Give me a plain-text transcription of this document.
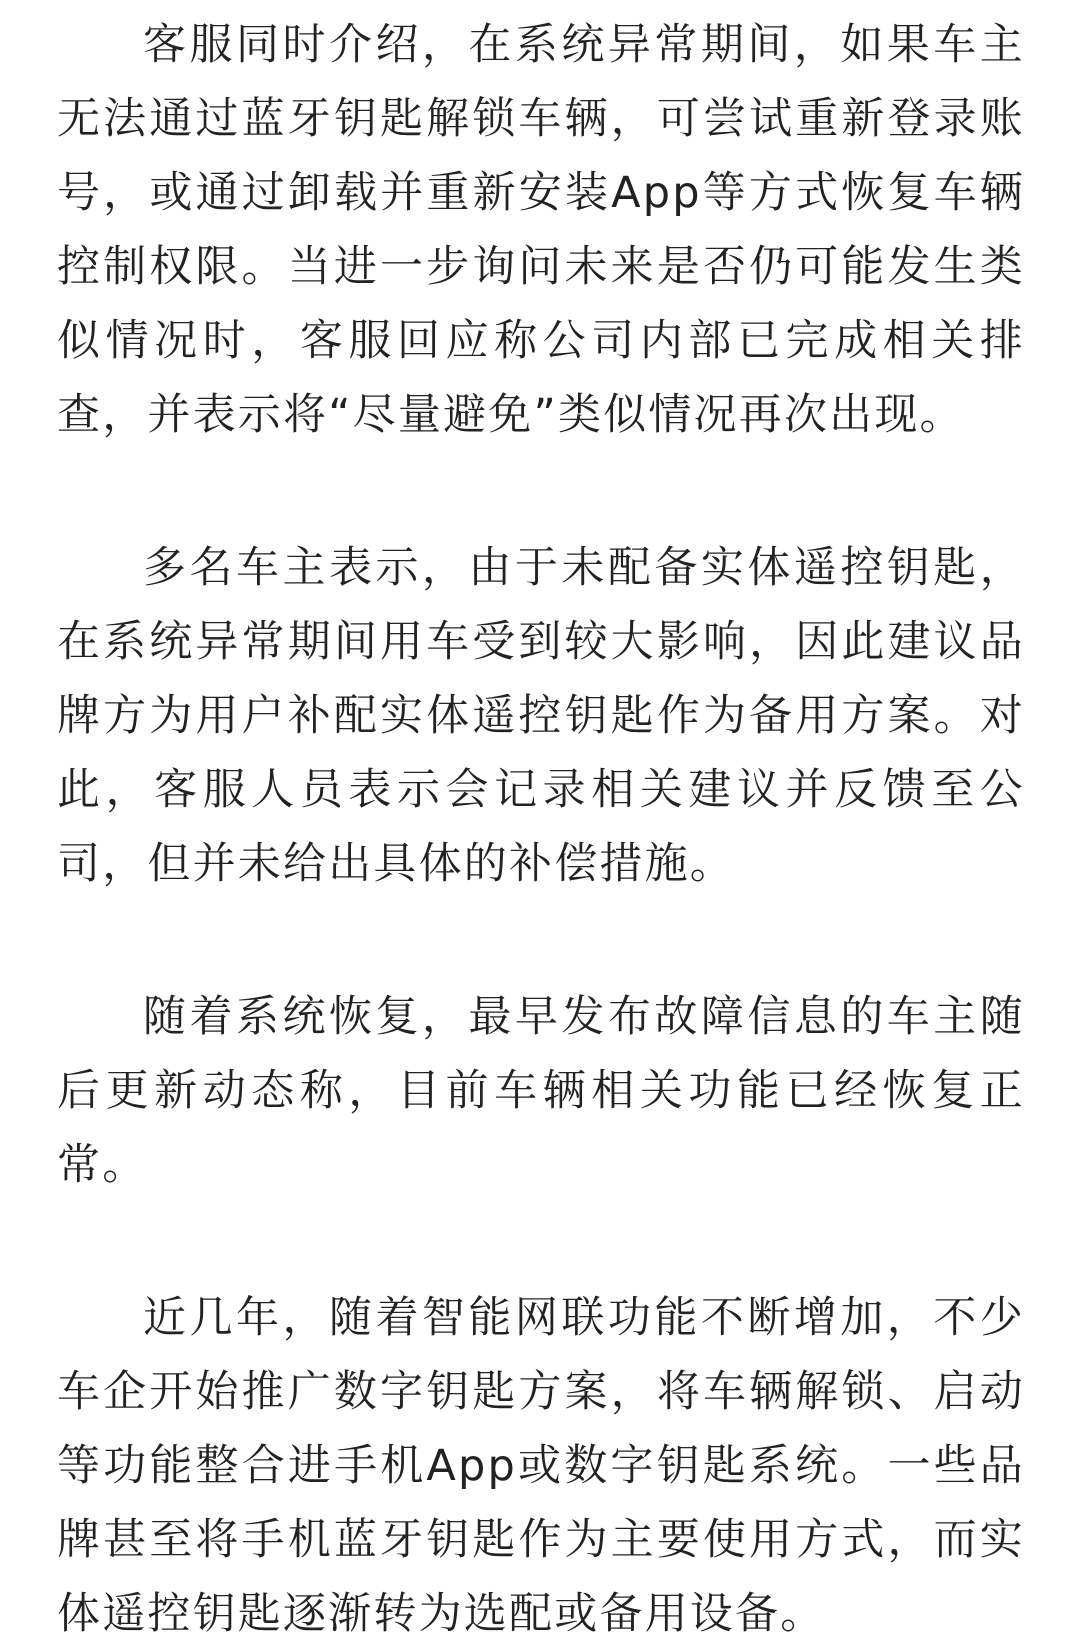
客服同时介绍，在系统异常期间，如果车主无法通过蓝牙钥匙解锁车辆，可尝试重新登录账号，或通过卸载并重新安装App等方式恢复车辆控制权限。当进一步询问未来是否仍可能发生类似情况时，客服回应称公司内部已完成相关排查，并表示将“尽量避免”类似情况再次出现。

多名车主表示，由于未配备实体遥控钥匙，在系统异常期间用车受到较大影响，因此建议品牌方为用户补配实体遥控钥匙作为备用方案。对此，客服人员表示会记录相关建议并反馈至公司，但并未给出具体的补偿措施。

随着系统恢复，最早发布故障信息的车主随后更新动态称，目前车辆相关功能已经恢复正常。

近几年，随着智能网联功能不断增加，不少车企开始推广数字钥匙方案，将车辆解锁、启动等功能整合进手机App或数字钥匙系统。一些品牌甚至将手机蓝牙钥匙作为主要使用方式，而实体遥控钥匙逐渐转为选配或备用设备。
